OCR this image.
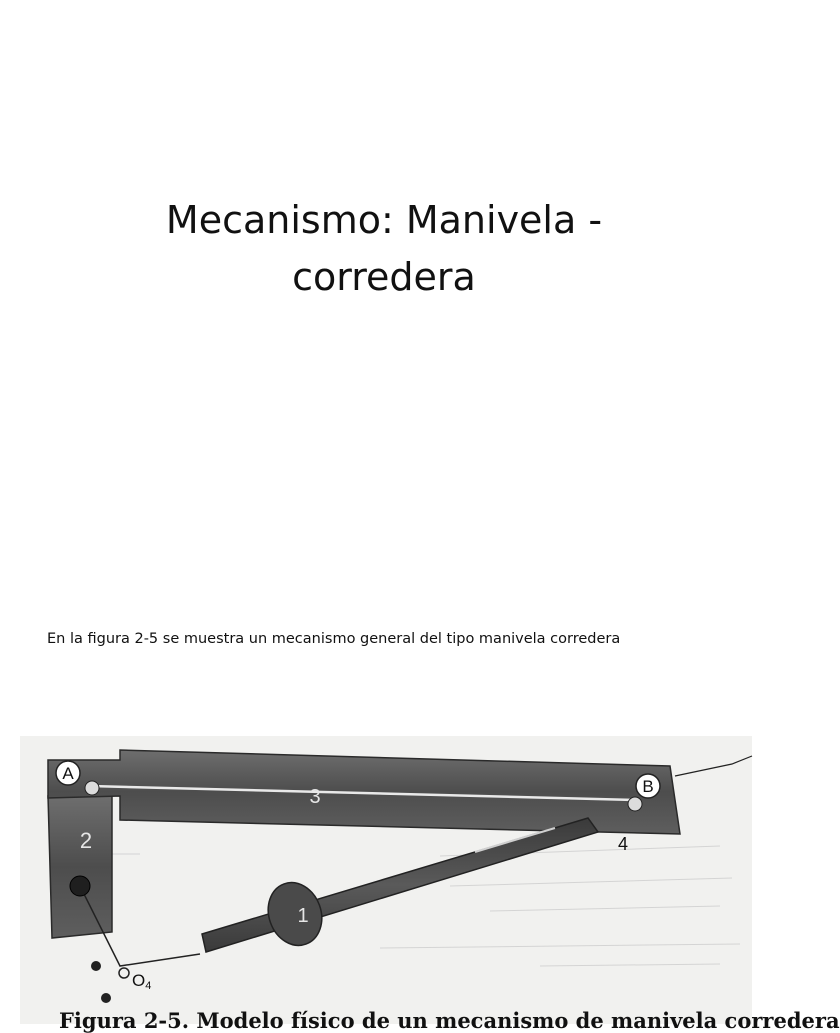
Mecanismo: Manivela -
corredera

En la figura 2-5 se muestra un mecanismo general del tipo manivela corredera

A
B
3
2
1
4
O4
Figura 2-5. Modelo físico de un mecanismo de manivela corredera
